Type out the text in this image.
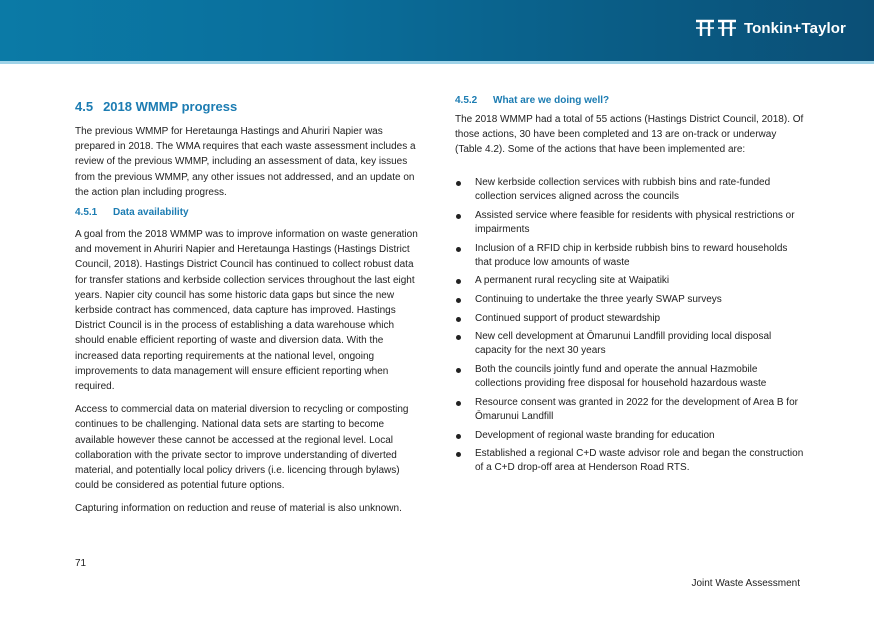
Tonkin+Taylor
4.5 2018 WMMP progress

The previous WMMP for Heretaunga Hastings and Ahuriri Napier was prepared in 2018. The WMA requires that each waste assessment includes a review of the previous WMMP, including an assessment of data, key issues from the previous WMMP, any other issues not addressed, and an update on the action plan including progress.

4.5.1 Data availability

A goal from the 2018 WMMP was to improve information on waste generation and movement in Ahuriri Napier and Heretaunga Hastings (Hastings District Council, 2018). Hastings District Council has continued to collect robust data for transfer stations and kerbside collection services throughout the last eight years. Napier city council has some historic data gaps but since the new kerbside contract has commenced, data capture has improved. Hastings District Council is in the process of establishing a data warehouse which should enable efficient reporting of waste and diversion data. With the increased data reporting requirements at the national level, ongoing improvements to data management will ensure efficient reporting when required.

Access to commercial data on material diversion to recycling or composting continues to be challenging. National data sets are starting to become available however these cannot be accessed at the regional level. Local collaboration with the private sector to improve understanding of diverted material, and potentially local policy drivers (i.e. licencing through bylaws) could be considered as potential future options.

Capturing information on reduction and reuse of material is also unknown.

4.5.2 What are we doing well?

The 2018 WMMP had a total of 55 actions (Hastings District Council, 2018). Of those actions, 30 have been completed and 13 are on-track or underway (Table 4.2). Some of the actions that have been implemented are:

New kerbside collection services with rubbish bins and rate-funded collection services aligned across the councils
Assisted service where feasible for residents with physical restrictions or impairments
Inclusion of a RFID chip in kerbside rubbish bins to reward households that produce low amounts of waste
A permanent rural recycling site at Waipatiki
Continuing to undertake the three yearly SWAP surveys
Continued support of product stewardship
New cell development at Ōmarunui Landfill providing local disposal capacity for the next 30 years
Both the councils jointly fund and operate the annual Hazmobile collections providing free disposal for household hazardous waste
Resource consent was granted in 2022 for the development of Area B for Ōmarunui Landfill
Development of regional waste branding for education
Established a regional C+D waste advisor role and began the construction of a C+D drop-off area at Henderson Road RTS.
71
Joint Waste Assessment
